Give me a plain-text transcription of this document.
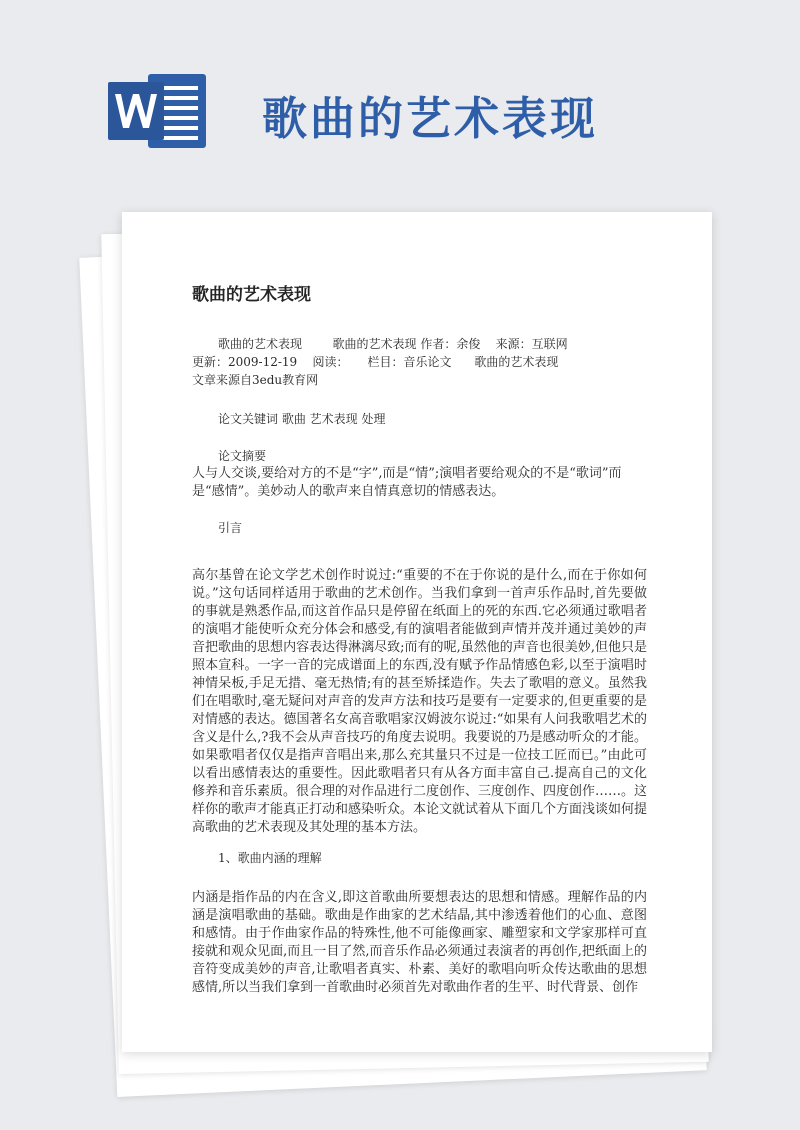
歌曲的艺术表现
歌曲的艺术表现

歌曲的艺术表现        歌曲的艺术表现 作者：余俊    来源：互联网

更新：2009-12-19    阅读：     栏目：音乐论文      歌曲的艺术表现

文章来源自3edu教育网

论文关键词 歌曲 艺术表现 处理

论文摘要

人与人交谈,要给对方的不是“字”,而是“情”;演唱者要给观众的不是“歌词”而是“感情”。美妙动人的歌声来自情真意切的情感表达。

引言

高尔基曾在论文学艺术创作时说过:“重要的不在于你说的是什么,而在于你如何说。”这句话同样适用于歌曲的艺术创作。当我们拿到一首声乐作品时,首先要做的事就是熟悉作品,而这首作品只是停留在纸面上的死的东西.它必须通过歌唱者的演唱才能使听众充分体会和感受,有的演唱者能做到声情并茂并通过美妙的声音把歌曲的思想内容表达得淋漓尽致;而有的呢,虽然他的声音也很美妙,但他只是照本宣科。一字一音的完成谱面上的东西,没有赋予作品情感色彩,以至于演唱时神情呆板,手足无措、毫无热情;有的甚至矫揉造作。失去了歌唱的意义。虽然我们在唱歌时,毫无疑问对声音的发声方法和技巧是要有一定要求的,但更重要的是对情感的表达。德国著名女高音歌唱家汉姆波尔说过:“如果有人问我歌唱艺术的含义是什么,?我不会从声音技巧的角度去说明。我要说的乃是感动听众的才能。如果歌唱者仅仅是指声音唱出来,那么充其量只不过是一位技工匠而已。”由此可以看出感情表达的重要性。因此歌唱者只有从各方面丰富自己.提高自己的文化修养和音乐素质。很合理的对作品进行二度创作、三度创作、四度创作……。这样你的歌声才能真正打动和感染听众。本论文就试着从下面几个方面浅谈如何提高歌曲的艺术表现及其处理的基本方法。

1、歌曲内涵的理解

内涵是指作品的内在含义,即这首歌曲所要想表达的思想和情感。理解作品的内涵是演唱歌曲的基础。歌曲是作曲家的艺术结晶,其中渗透着他们的心血、意图和感情。由于作曲家作品的特殊性,他不可能像画家、雕塑家和文学家那样可直接就和观众见面,而且一目了然,而音乐作品必须通过表演者的再创作,把纸面上的音符变成美妙的声音,让歌唱者真实、朴素、美好的歌唱向听众传达歌曲的思想感情,所以当我们拿到一首歌曲时必须首先对歌曲作者的生平、时代背景、创作
